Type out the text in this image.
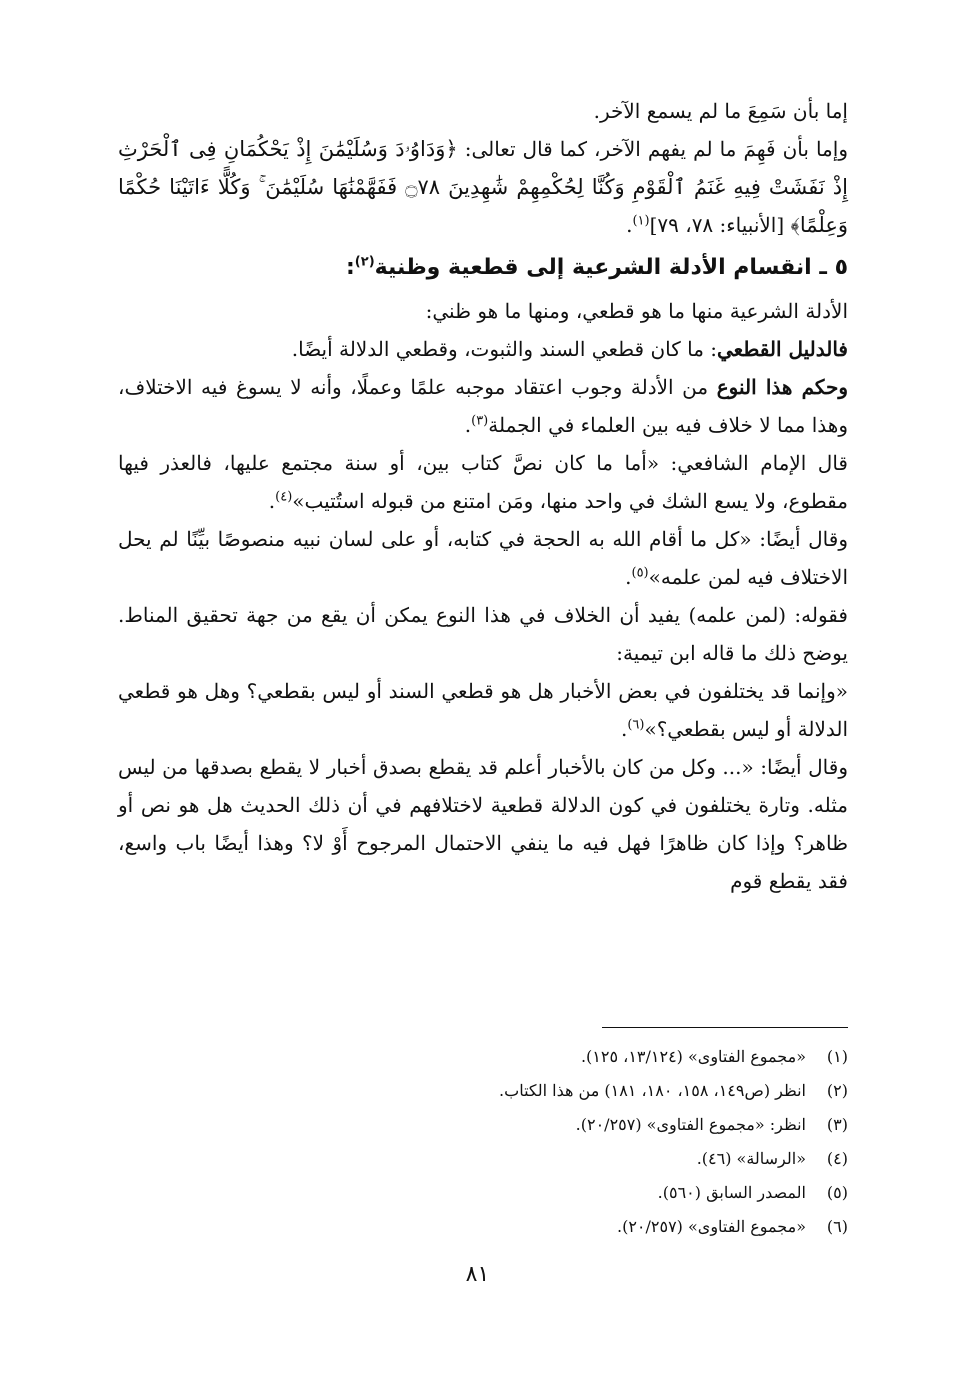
إما بأن سَمِعَ ما لم يسمع الآخر.

وإما بأن فَهِمَ ما لم يفهم الآخر، كما قال تعالى: ﴿وَدَاوُۥدَ وَسُلَيْمَٰنَ إِذْ يَحْكُمَانِ فِى ٱلْحَرْثِ إِذْ نَفَشَتْ فِيهِ غَنَمُ ٱلْقَوْمِ وَكُنَّا لِحُكْمِهِمْ شَٰهِدِينَ ۝٧٨ فَفَهَّمْنَٰهَا سُلَيْمَٰنَ ۚ وَكُلًّا ءَاتَيْنَا حُكْمًا وَعِلْمًا﴾ [الأنبياء: ٧٨، ٧٩]$^{(١)}$.

٥ ـ انقسام الأدلة الشرعية إلى قطعية وظنية$^{(٢)}$:

الأدلة الشرعية منها ما هو قطعي، ومنها ما هو ظني:

فالدليل القطعي: ما كان قطعي السند والثبوت، وقطعي الدلالة أيضًا.

وحكم هذا النوع من الأدلة وجوب اعتقاد موجبه علمًا وعملًا، وأنه لا يسوغ فيه الاختلاف، وهذا مما لا خلاف فيه بين العلماء في الجملة$^{(٣)}$.

قال الإمام الشافعي: «أما ما كان نصَّ كتاب بين، أو سنة مجتمع عليها، فالعذر فيها مقطوع، ولا يسع الشك في واحد منها، ومَن امتنع من قبوله استُتيب»$^{(٤)}$.

وقال أيضًا: «كل ما أقام الله به الحجة في كتابه، أو على لسان نبيه منصوصًا بيِّنًا لم يحل الاختلاف فيه لمن علمه»$^{(٥)}$.

فقوله: (لمن علمه) يفيد أن الخلاف في هذا النوع يمكن أن يقع من جهة تحقيق المناط. يوضح ذلك ما قاله ابن تيمية:

«وإنما قد يختلفون في بعض الأخبار هل هو قطعي السند أو ليس بقطعي؟ وهل هو قطعي الدلالة أو ليس بقطعي؟»$^{(٦)}$.

وقال أيضًا: «... وكل من كان بالأخبار أعلم قد يقطع بصدق أخبار لا يقطع بصدقها من ليس مثله. وتارة يختلفون في كون الدلالة قطعية لاختلافهم في أن ذلك الحديث هل هو نص أو ظاهر؟ وإذا كان ظاهرًا فهل فيه ما ينفي الاحتمال المرجوح أَوْ لا؟ وهذا أيضًا باب واسع، فقد يقطع قوم

(١)«مجموع الفتاوى» (١٣/١٢٤، ١٢٥).
(٢)انظر (ص١٤٩، ١٥٨، ١٨٠، ١٨١) من هذا الكتاب.
(٣)انظر: «مجموع الفتاوى» (٢٠/٢٥٧).
(٤)«الرسالة» (٤٦).
(٥)المصدر السابق (٥٦٠).
(٦)«مجموع الفتاوى» (٢٠/٢٥٧).
٨١
